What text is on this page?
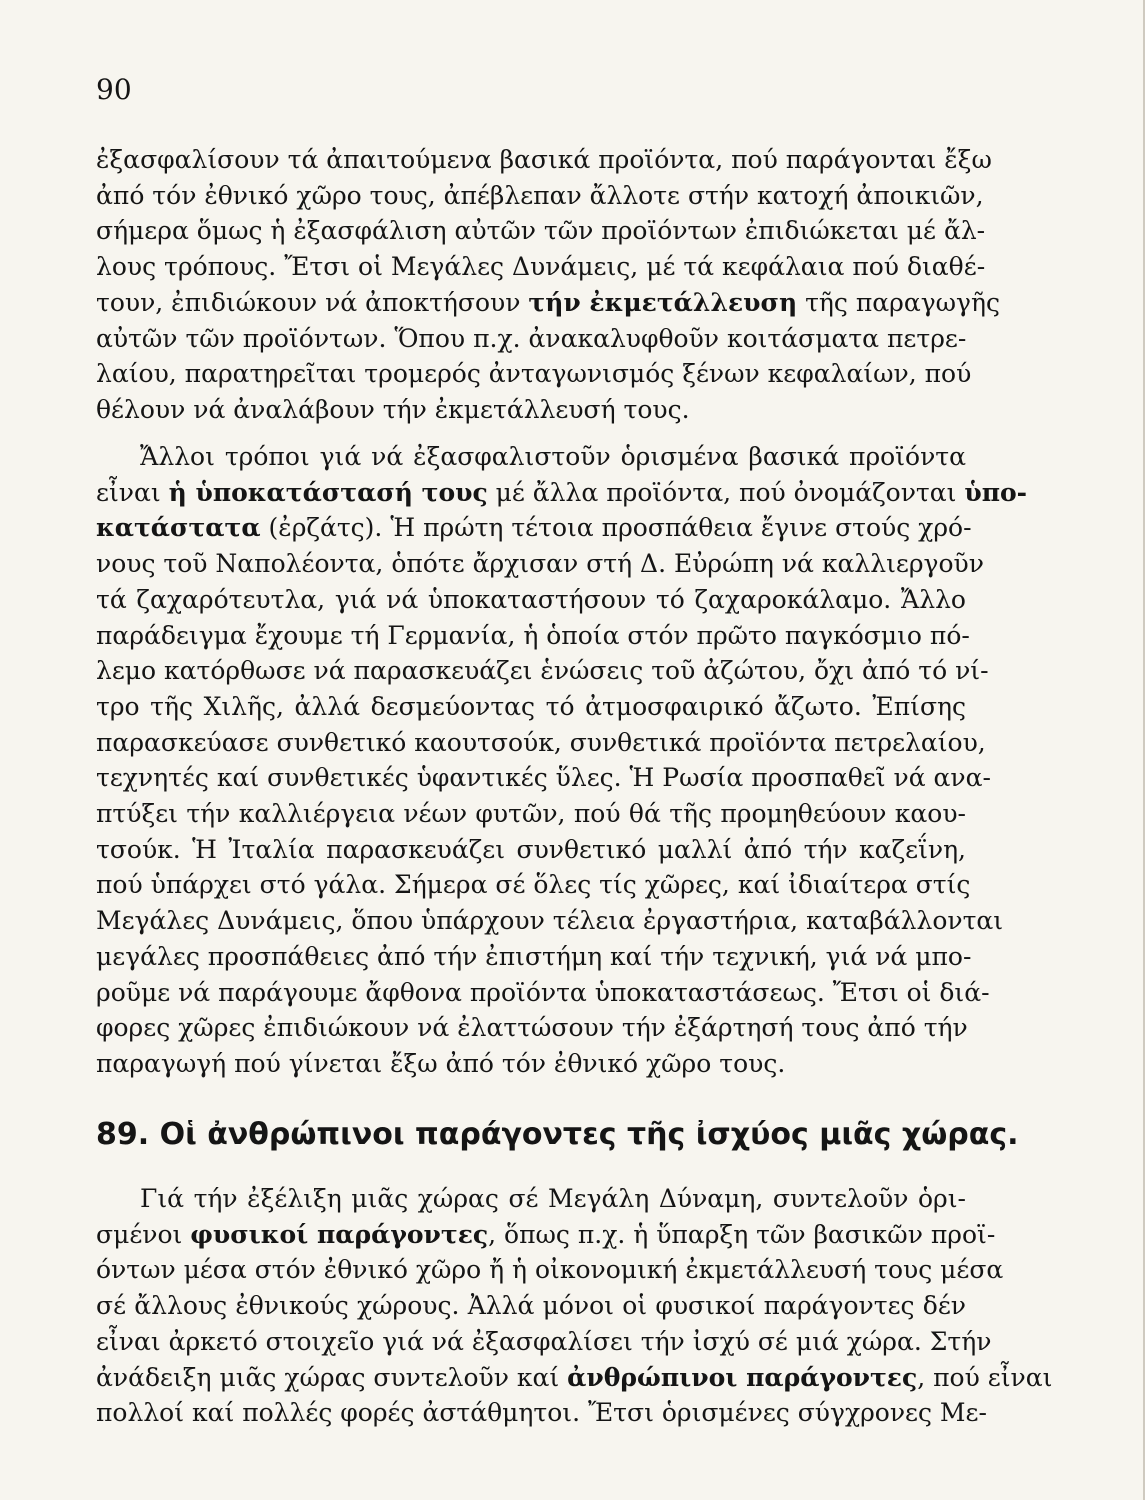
90
ἐξασφαλίσουν τά ἀπαιτούμενα βασικά προϊόντα, πού παράγονται ἔξω
ἀπό τόν ἐθνικό χῶρο τους, ἀπέβλεπαν ἄλλοτε στήν κατοχή ἀποικιῶν,
σήμερα ὅμως ἡ ἐξασφάλιση αὐτῶν τῶν προϊόντων ἐπιδιώκεται μέ ἄλ-
λους τρόπους. Ἔτσι οἱ Μεγάλες Δυνάμεις, μέ τά κεφάλαια πού διαθέ-
τουν, ἐπιδιώκουν νά ἀποκτήσουν τήν ἐκμετάλλευση τῆς παραγωγῆς
αὐτῶν τῶν προϊόντων. Ὅπου π.χ. ἀνακαλυφθοῦν κοιτάσματα πετρε-
λαίου, παρατηρεῖται τρομερός ἀνταγωνισμός ξένων κεφαλαίων, πού
θέλουν νά ἀναλάβουν τήν ἐκμετάλλευσή τους.
Ἄλλοι τρόποι γιά νά ἐξασφαλιστοῦν ὁρισμένα βασικά προϊόντα
εἶναι ἡ ὑποκατάστασή τους μέ ἄλλα προϊόντα, πού ὀνομάζονται ὑπο-
κατάστατα (ἐρζάτς). Ἡ πρώτη τέτοια προσπάθεια ἔγινε στούς χρό-
νους τοῦ Ναπολέοντα, ὁπότε ἄρχισαν στή Δ. Εὐρώπη νά καλλιεργοῦν
τά ζαχαρότευτλα, γιά νά ὑποκαταστήσουν τό ζαχαροκάλαμο. Ἄλλο
παράδειγμα ἔχουμε τή Γερμανία, ἡ ὁποία στόν πρῶτο παγκόσμιο πό-
λεμο κατόρθωσε νά παρασκευάζει ἑνώσεις τοῦ ἀζώτου, ὄχι ἀπό τό νί-
τρο τῆς Χιλῆς, ἀλλά δεσμεύοντας τό ἀτμοσφαιρικό ἄζωτο. Ἐπίσης
παρασκεύασε συνθετικό καουτσούκ, συνθετικά προϊόντα πετρελαίου,
τεχνητές καί συνθετικές ὑφαντικές ὕλες. Ἡ Ρωσία προσπαθεῖ νά ανα-
πτύξει τήν καλλιέργεια νέων φυτῶν, πού θά τῆς προμηθεύουν καου-
τσούκ. Ἡ Ἰταλία παρασκευάζει συνθετικό μαλλί ἀπό τήν καζεΐνη,
πού ὑπάρχει στό γάλα. Σήμερα σέ ὅλες τίς χῶρες, καί ἰδιαίτερα στίς
Μεγάλες Δυνάμεις, ὅπου ὑπάρχουν τέλεια ἐργαστήρια, καταβάλλονται
μεγάλες προσπάθειες ἀπό τήν ἐπιστήμη καί τήν τεχνική, γιά νά μπο-
ροῦμε νά παράγουμε ἄφθονα προϊόντα ὑποκαταστάσεως. Ἔτσι οἱ διά-
φορες χῶρες ἐπιδιώκουν νά ἐλαττώσουν τήν ἐξάρτησή τους ἀπό τήν
παραγωγή πού γίνεται ἔξω ἀπό τόν ἐθνικό χῶρο τους.
89. Οἱ ἀνθρώπινοι παράγοντες τῆς ἰσχύος μιᾶς χώρας.
Γιά τήν ἐξέλιξη μιᾶς χώρας σέ Μεγάλη Δύναμη, συντελοῦν ὁρι-
σμένοι φυσικοί παράγοντες, ὅπως π.χ. ἡ ὕπαρξη τῶν βασικῶν προϊ-
όντων μέσα στόν ἐθνικό χῶρο ἤ ἡ οἰκονομική ἐκμετάλλευσή τους μέσα
σέ ἄλλους ἐθνικούς χώρους. Ἀλλά μόνοι οἱ φυσικοί παράγοντες δέν
εἶναι ἀρκετό στοιχεῖο γιά νά ἐξασφαλίσει τήν ἰσχύ σέ μιά χώρα. Στήν
ἀνάδειξη μιᾶς χώρας συντελοῦν καί ἀνθρώπινοι παράγοντες, πού εἶναι
πολλοί καί πολλές φορές ἀστάθμητοι. Ἔτσι ὁρισμένες σύγχρονες Με-
